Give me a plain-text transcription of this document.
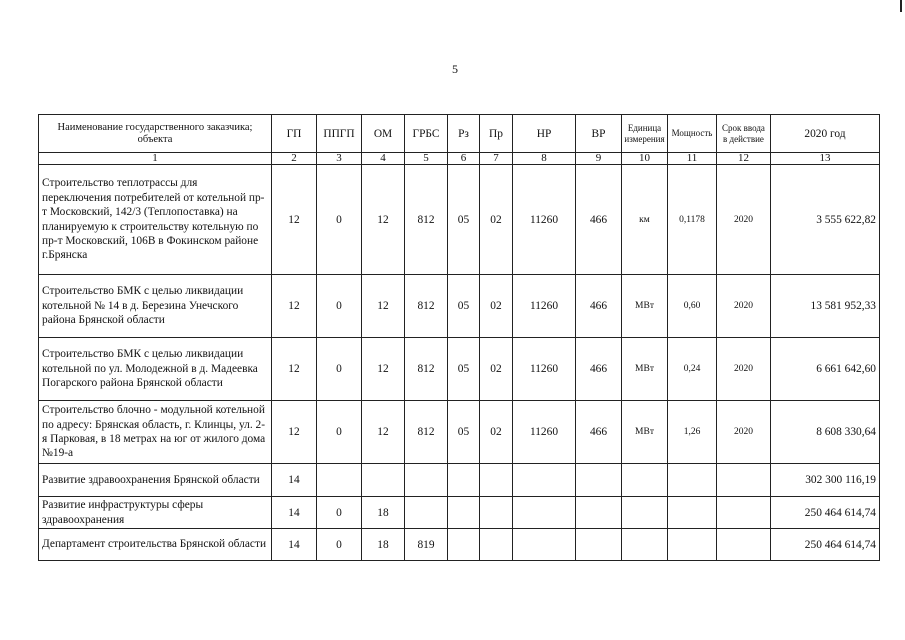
5
Наименование государственного заказчика; объекта	ГП	ППГП	ОМ	ГРБС	Рз	Пр	НР	ВР	Единица измерения	Мощность	Срок ввода в действие	2020 год
1	2	3	4	5	6	7	8	9	10	11	12	13
Строительство теплотрассы для переключения потребителей от котельной пр-т Московский, 142/3 (Теплопоставка) на планируемую к строительству котельную по пр-т Московский, 106В в Фокинском районе г.Брянска	12	0	12	812	05	02	11260	466	км	0,1178	2020	3 555 622,82
Строительство БМК с целью ликвидации котельной № 14 в д. Березина Унечского района Брянской области	12	0	12	812	05	02	11260	466	МВт	0,60	2020	13 581 952,33
Строительство БМК с целью ликвидации котельной по ул. Молодежной в д. Мадеевка Погарского района Брянской области	12	0	12	812	05	02	11260	466	МВт	0,24	2020	6 661 642,60
Строительство блочно - модульной котельной по адресу: Брянская область, г. Клинцы, ул. 2-я Парковая, в 18 метрах на юг от жилого дома №19-а	12	0	12	812	05	02	11260	466	МВт	1,26	2020	8 608 330,64
Развитие здравоохранения Брянской области	14											302 300 116,19
Развитие инфраструктуры сферы здравоохранения	14	0	18									250 464 614,74
Департамент строительства Брянской области	14	0	18	819								250 464 614,74
